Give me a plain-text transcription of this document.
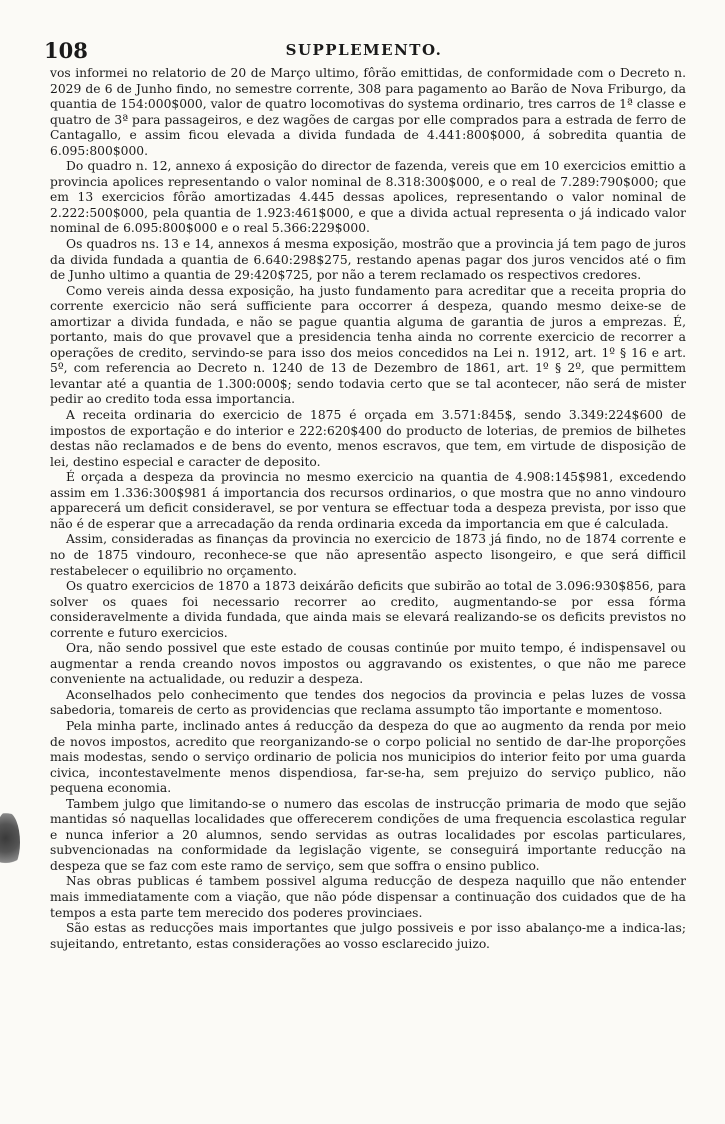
108	SUPPLEMENTO.

vos informei no relatorio de 20 de Março ultimo, fôrão emittidas, de conformidade com o Decreto n. 2029 de 6 de Junho findo, no semestre corrente, 308 para pagamento ao Barão de Nova Friburgo, da quantia de 154:000$000, valor de quatro locomotivas do systema ordinario, tres carros de 1ª classe e quatro de 3ª para passageiros, e dez wagões de cargas por elle comprados para a estrada de ferro de Cantagallo, e assim ficou elevada a divida fundada de 4.441:800$000, á sobredita quantia de 6.095:800$000.

Do quadro n. 12, annexo á exposição do director de fazenda, vereis que em 10 exercicios emittio a provincia apolices representando o valor nominal de 8.318:300$000, e o real de 7.289:790$000; que em 13 exercicios fôrão amortizadas 4.445 dessas apolices, representando o valor nominal de 2.222:500$000, pela quantia de 1.923:461$000, e que a divida actual representa o já indicado valor nominal de 6.095:800$000 e o real 5.366:229$000.

Os quadros ns. 13 e 14, annexos á mesma exposição, mostrão que a provincia já tem pago de juros da divida fundada a quantia de 6.640:298$275, restando apenas pagar dos juros vencidos até o fim de Junho ultimo a quantia de 29:420$725, por não a terem reclamado os respectivos credores.

Como vereis ainda dessa exposição, ha justo fundamento para acreditar que a receita propria do corrente exercicio não será sufficiente para occorrer á despeza, quando mesmo deixe-se de amortizar a divida fundada, e não se pague quantia alguma de garantia de juros a emprezas. É, portanto, mais do que provavel que a presidencia tenha ainda no corrente exercicio de recorrer a operações de credito, servindo-se para isso dos meios concedidos na Lei n. 1912, art. 1º § 16 e art. 5º, com referencia ao Decreto n. 1240 de 13 de Dezembro de 1861, art. 1º § 2º, que permittem levantar até a quantia de 1.300:000$; sendo todavia certo que se tal acontecer, não será de mister pedir ao credito toda essa importancia.

A receita ordinaria do exercicio de 1875 é orçada em 3.571:845$, sendo 3.349:224$600 de impostos de exportação e do interior e 222:620$400 do producto de loterias, de premios de bilhetes destas não reclamados e de bens do evento, menos escravos, que tem, em virtude de disposição de lei, destino especial e caracter de deposito.

É orçada a despeza da provincia no mesmo exercicio na quantia de 4.908:145$981, excedendo assim em 1.336:300$981 á importancia dos recursos ordinarios, o que mostra que no anno vindouro apparecerá um deficit consideravel, se por ventura se effectuar toda a despeza prevista, por isso que não é de esperar que a arrecadação da renda ordinaria exceda da importancia em que é calculada.

Assim, consideradas as finanças da provincia no exercicio de 1873 já findo, no de 1874 corrente e no de 1875 vindouro, reconhece-se que não apresentão aspecto lisongeiro, e que será difficil restabelecer o equilibrio no orçamento.

Os quatro exercicios de 1870 a 1873 deixárão deficits que subirão ao total de 3.096:930$856, para solver os quaes foi necessario recorrer ao credito, augmentando-se por essa fórma consideravelmente a divida fundada, que ainda mais se elevará realizando-se os deficits previstos no corrente e futuro exercicios.

Ora, não sendo possivel que este estado de cousas continúe por muito tempo, é indispensavel ou augmentar a renda creando novos impostos ou aggravando os existentes, o que não me parece conveniente na actualidade, ou reduzir a despeza.

Aconselhados pelo conhecimento que tendes dos negocios da provincia e pelas luzes de vossa sabedoria, tomareis de certo as providencias que reclama assumpto tão importante e momentoso.

Pela minha parte, inclinado antes á reducção da despeza do que ao augmento da renda por meio de novos impostos, acredito que reorganizando-se o corpo policial no sentido de dar-lhe proporções mais modestas, sendo o serviço ordinario de policia nos municipios do interior feito por uma guarda civica, incontestavelmente menos dispendiosa, far-se-ha, sem prejuizo do serviço publico, não pequena economia.

Tambem julgo que limitando-se o numero das escolas de instrucção primaria de modo que sejão mantidas só naquellas localidades que offerecerem condições de uma frequencia escolastica regular e nunca inferior a 20 alumnos, sendo servidas as outras localidades por escolas particulares, subvencionadas na conformidade da legislação vigente, se conseguirá importante reducção na despeza que se faz com este ramo de serviço, sem que soffra o ensino publico.

Nas obras publicas é tambem possivel alguma reducção de despeza naquillo que não entender mais immediatamente com a viação, que não póde dispensar a continuação dos cuidados que de ha tempos a esta parte tem merecido dos poderes provinciaes.

São estas as reducções mais importantes que julgo possiveis e por isso abalanço-me a indica-las; sujeitando, entretanto, estas considerações ao vosso esclarecido juizo.
